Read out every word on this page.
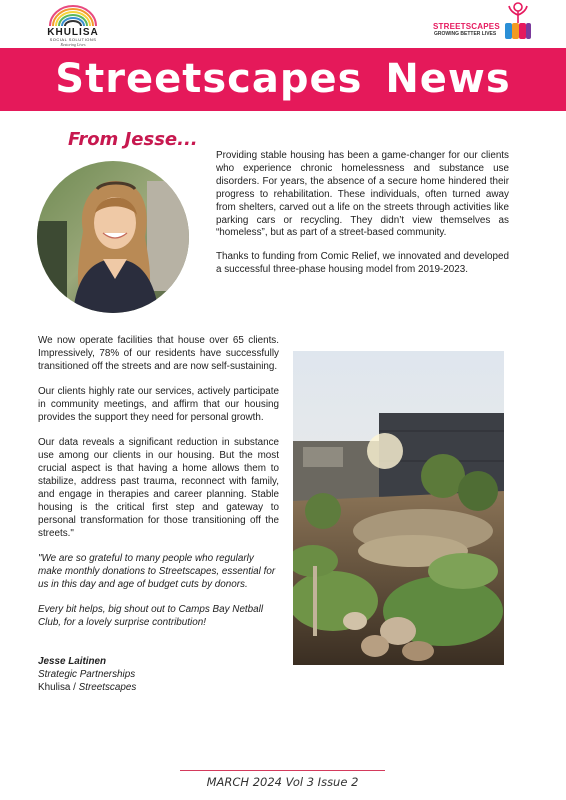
KHULISA
SOCIAL SOLUTIONS
Restoring Lives
STREETSCAPES
GROWING BETTER LIVES
Streetscapes News
From Jesse...

Providing stable housing has been a game-changer for our clients who experience chronic homelessness and substance use disorders. For years, the absence of a secure home hindered their progress to rehabilitation. These individuals, often turned away from shelters, carved out a life on the streets through activities like parking cars or recycling. They didn’t view themselves as “homeless”, but as part of a street-based community.

Thanks to funding from Comic Relief, we innovated and developed a successful three-phase housing model from 2019-2023.

We now operate facilities that house over 65 clients. Impressively, 78% of our residents have successfully transitioned off the streets and are now self-sustaining.

Our clients highly rate our services, actively participate in community meetings, and affirm that our housing provides the support they need for personal growth.

Our data reveals a significant reduction in substance use among our clients in our housing. But the most crucial aspect is that having a home allows them to stabilize, address past trauma, reconnect with family, and engage in therapies and career planning. Stable housing is the critical first step and gateway to personal transformation for those transitioning off the streets."

"We are so grateful to many people who regularly make monthly donations to Streetscapes, essential for us in this day and age of budget cuts by donors.

Every bit helps, big shout out to Camps Bay Netball Club, for a lovely surprise contribution!

Jesse Laitinen
Strategic Partnerships
Khulisa / Streetscapes
MARCH 2024 Vol 3 Issue 2
